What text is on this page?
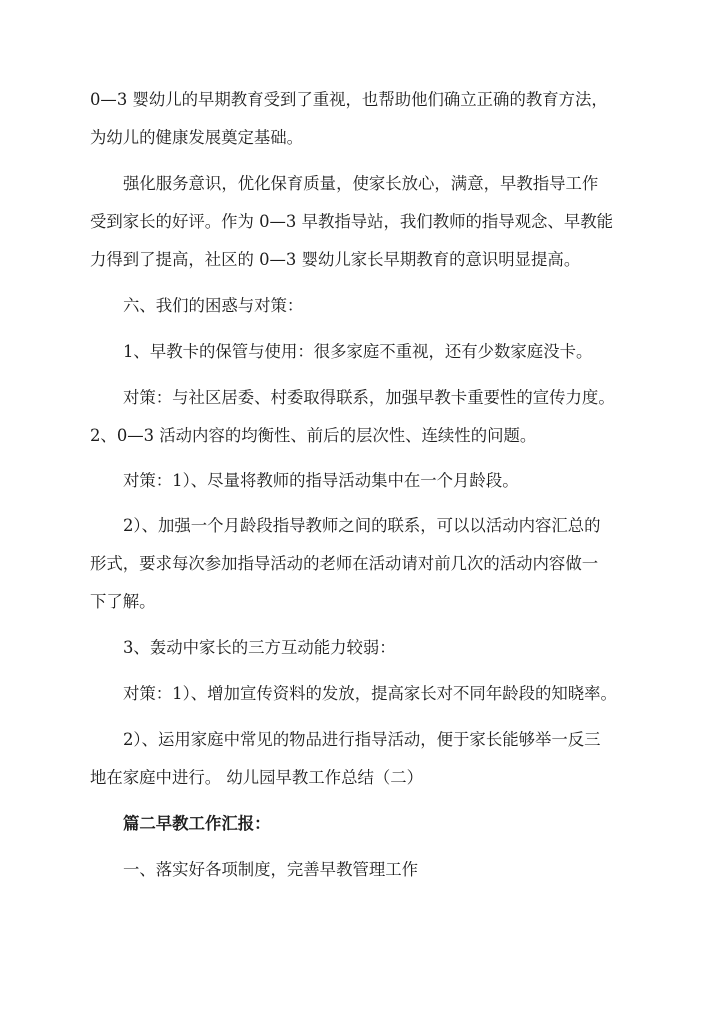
0—3 婴幼儿的早期教育受到了重视，也帮助他们确立正确的教育方法，
为幼儿的健康发展奠定基础。
强化服务意识，优化保育质量，使家长放心，满意，早教指导工作
受到家长的好评。作为 0—3 早教指导站，我们教师的指导观念、早教能
力得到了提高，社区的 0—3 婴幼儿家长早期教育的意识明显提高。
六、我们的困惑与对策：
1、早教卡的保管与使用：很多家庭不重视，还有少数家庭没卡。
对策：与社区居委、村委取得联系，加强早教卡重要性的宣传力度。
2、0—3 活动内容的均衡性、前后的层次性、连续性的问题。
对策：1）、尽量将教师的指导活动集中在一个月龄段。
2）、加强一个月龄段指导教师之间的联系，可以以活动内容汇总的
形式，要求每次参加指导活动的老师在活动请对前几次的活动内容做一
下了解。
3、轰动中家长的三方互动能力较弱：
对策：1）、增加宣传资料的发放，提高家长对不同年龄段的知晓率。
2）、运用家庭中常见的物品进行指导活动，便于家长能够举一反三
地在家庭中进行。 幼儿园早教工作总结（二）
篇二早教工作汇报：
一、落实好各项制度，完善早教管理工作
